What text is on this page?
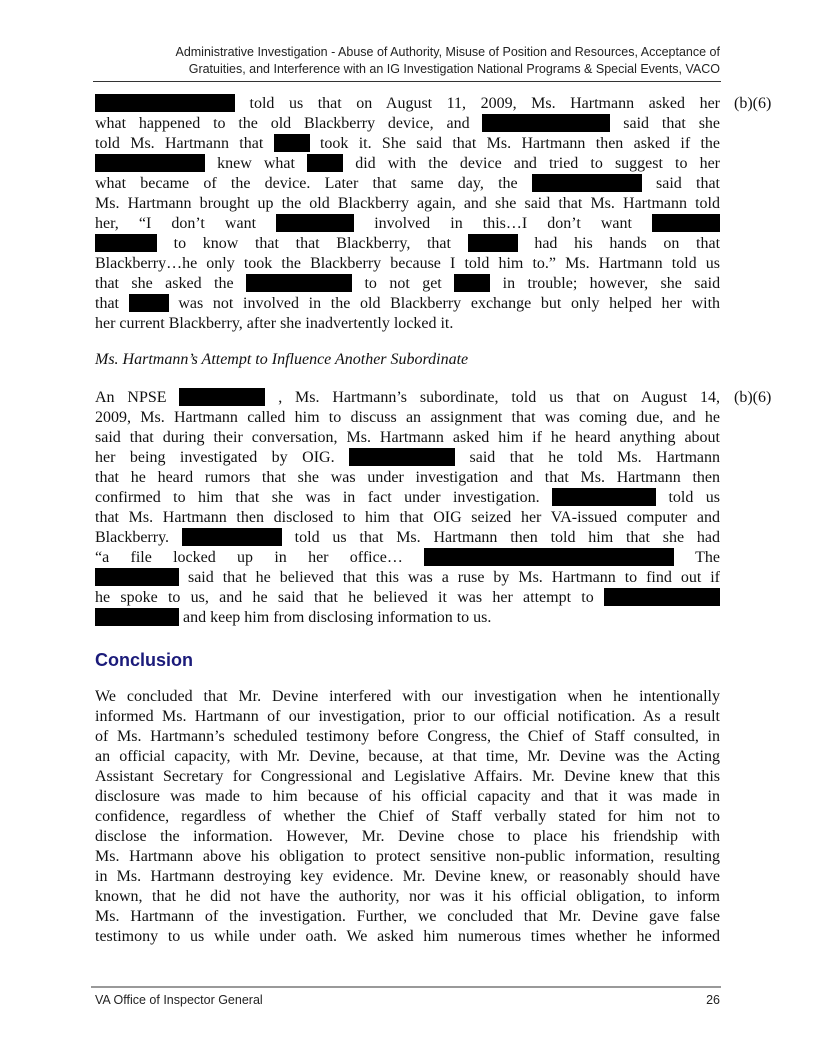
Administrative Investigation - Abuse of Authority, Misuse of Position and Resources, Acceptance of
Gratuities, and Interference with an IG Investigation National Programs & Special Events, VACO
(b)(6)
(b)(6)
told us that on August 11, 2009, Ms. Hartmann asked her
what happened to the old Blackberry device, and	said that she
told Ms. Hartmann that	took it. She said that Ms. Hartmann then asked if the
knew what	did with the device and tried to suggest to her
what became of the device. Later that same day, the	said that
Ms. Hartmann brought up the old Blackberry again, and she said that Ms. Hartmann told
her, “I don’t want	involved in this…I don’t want
to know that that Blackberry, that	had his hands on that
Blackberry…he only took the Blackberry because I told him to.” Ms. Hartmann told us
that she asked the	to not get	in trouble; however, she said
that	was not involved in the old Blackberry exchange but only helped her with
her current Blackberry, after she inadvertently locked it.
Ms. Hartmann’s Attempt to Influence Another Subordinate
An NPSE	, Ms. Hartmann’s subordinate, told us that on August 14,
2009, Ms. Hartmann called him to discuss an assignment that was coming due, and he
said that during their conversation, Ms. Hartmann asked him if he heard anything about
her being investigated by OIG.	said that he told Ms. Hartmann
that he heard rumors that she was under investigation and that Ms. Hartmann then
confirmed to him that she was in fact under investigation.	told us
that Ms. Hartmann then disclosed to him that OIG seized her VA-issued computer and
Blackberry.	told us that Ms. Hartmann then told him that she had
“a file locked up in her office…	The
said that he believed that this was a ruse by Ms. Hartmann to find out if
he spoke to us, and he said that he believed it was her attempt to
and keep him from disclosing information to us.
Conclusion
We concluded that Mr. Devine interfered with our investigation when he intentionally
informed Ms. Hartmann of our investigation, prior to our official notification. As a result
of Ms. Hartmann’s scheduled testimony before Congress, the Chief of Staff consulted, in
an official capacity, with Mr. Devine, because, at that time, Mr. Devine was the Acting
Assistant Secretary for Congressional and Legislative Affairs. Mr. Devine knew that this
disclosure was made to him because of his official capacity and that it was made in
confidence, regardless of whether the Chief of Staff verbally stated for him not to
disclose the information. However, Mr. Devine chose to place his friendship with
Ms. Hartmann above his obligation to protect sensitive non-public information, resulting
in Ms. Hartmann destroying key evidence. Mr. Devine knew, or reasonably should have
known, that he did not have the authority, nor was it his official obligation, to inform
Ms. Hartmann of the investigation. Further, we concluded that Mr. Devine gave false
testimony to us while under oath. We asked him numerous times whether he informed
VA Office of Inspector General	26
